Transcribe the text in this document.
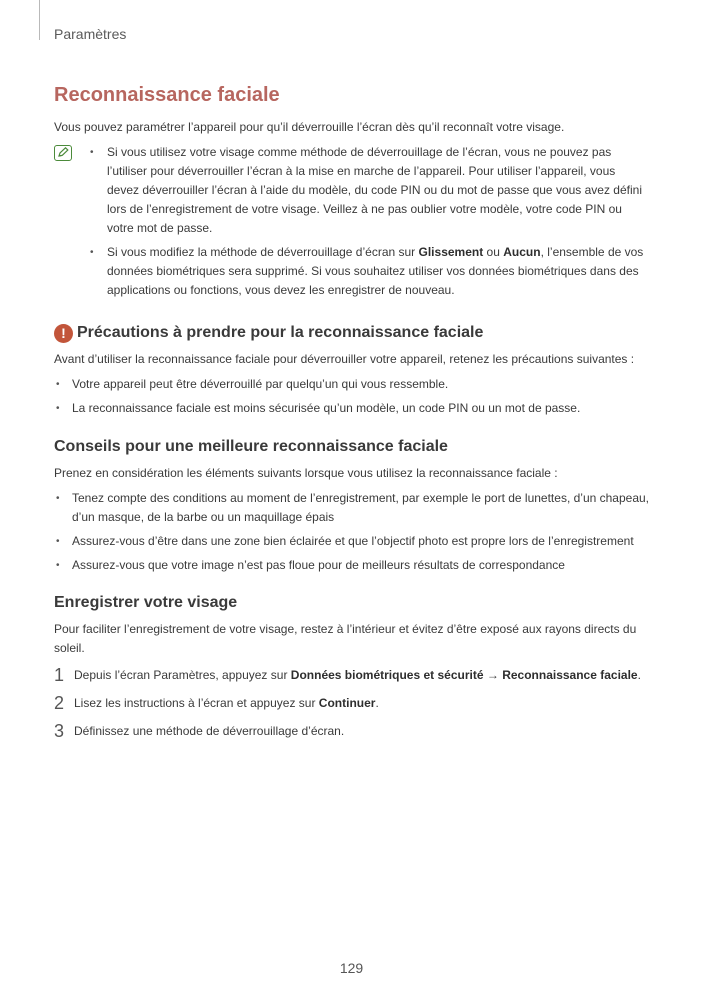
Paramètres
Reconnaissance faciale

Vous pouvez paramétrer l’appareil pour qu’il déverrouille l’écran dès qu’il reconnaît votre visage.

• Si vous utilisez votre visage comme méthode de déverrouillage de l’écran, vous ne pouvez pas l’utiliser pour déverrouiller l’écran à la mise en marche de l’appareil. Pour utiliser l’appareil, vous devez déverrouiller l’écran à l’aide du modèle, du code PIN ou du mot de passe que vous avez défini lors de l’enregistrement de votre visage. Veillez à ne pas oublier votre modèle, votre code PIN ou votre mot de passe.
• Si vous modifiez la méthode de déverrouillage d’écran sur Glissement ou Aucun, l’ensemble de vos données biométriques sera supprimé. Si vous souhaitez utiliser vos données biométriques dans des applications ou fonctions, vous devez les enregistrer de nouveau.
! Précautions à prendre pour la reconnaissance faciale

Avant d’utiliser la reconnaissance faciale pour déverrouiller votre appareil, retenez les précautions suivantes :

• Votre appareil peut être déverrouillé par quelqu’un qui vous ressemble.
• La reconnaissance faciale est moins sécurisée qu’un modèle, un code PIN ou un mot de passe.
Conseils pour une meilleure reconnaissance faciale

Prenez en considération les éléments suivants lorsque vous utilisez la reconnaissance faciale :

• Tenez compte des conditions au moment de l’enregistrement, par exemple le port de lunettes, d’un chapeau, d’un masque, de la barbe ou un maquillage épais
• Assurez-vous d’être dans une zone bien éclairée et que l’objectif photo est propre lors de l’enregistrement
• Assurez-vous que votre image n’est pas floue pour de meilleurs résultats de correspondance
Enregistrer votre visage

Pour faciliter l’enregistrement de votre visage, restez à l’intérieur et évitez d’être exposé aux rayons directs du soleil.

1 Depuis l’écran Paramètres, appuyez sur Données biométriques et sécurité → Reconnaissance faciale.
2 Lisez les instructions à l’écran et appuyez sur Continuer.
3 Définissez une méthode de déverrouillage d’écran.
129
